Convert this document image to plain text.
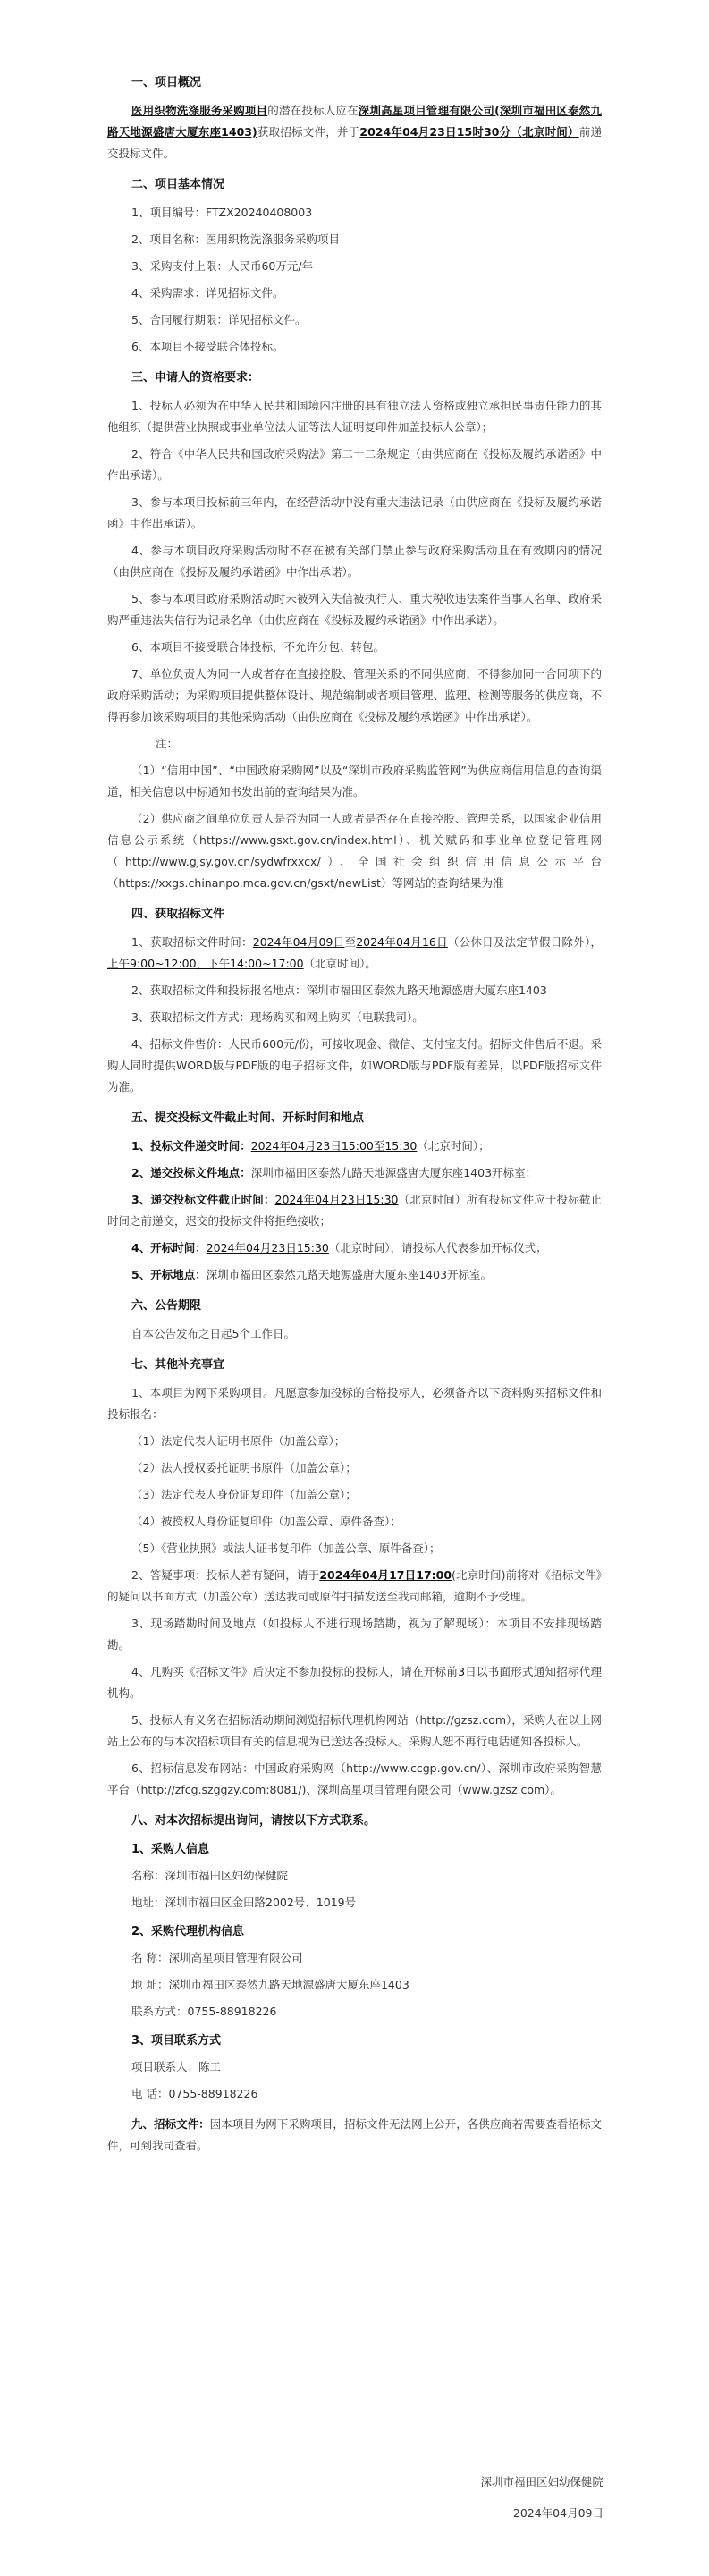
一、项目概况

医用织物洗涤服务采购项目的潜在投标人应在深圳高星项目管理有限公司(深圳市福田区泰然九路天地源盛唐大厦东座1403)获取招标文件，并于2024年04月23日15时30分（北京时间）前递交投标文件。

二、项目基本情况

1、项目编号：FTZX20240408003

2、项目名称：医用织物洗涤服务采购项目

3、采购支付上限：人民币60万元/年

4、采购需求：详见招标文件。

5、合同履行期限：详见招标文件。

6、本项目不接受联合体投标。

三、申请人的资格要求：

1、投标人必须为在中华人民共和国境内注册的具有独立法人资格或独立承担民事责任能力的其他组织（提供营业执照或事业单位法人证等法人证明复印件加盖投标人公章）；

2、符合《中华人民共和国政府采购法》第二十二条规定（由供应商在《投标及履约承诺函》中作出承诺）。

3、参与本项目投标前三年内，在经营活动中没有重大违法记录（由供应商在《投标及履约承诺函》中作出承诺）。

4、参与本项目政府采购活动时不存在被有关部门禁止参与政府采购活动且在有效期内的情况（由供应商在《投标及履约承诺函》中作出承诺）。

5、参与本项目政府采购活动时未被列入失信被执行人、重大税收违法案件当事人名单、政府采购严重违法失信行为记录名单（由供应商在《投标及履约承诺函》中作出承诺）。

6、本项目不接受联合体投标，不允许分包、转包。

7、单位负责人为同一人或者存在直接控股、管理关系的不同供应商，不得参加同一合同项下的政府采购活动；为采购项目提供整体设计、规范编制或者项目管理、监理、检测等服务的供应商，不得再参加该采购项目的其他采购活动（由供应商在《投标及履约承诺函》中作出承诺）。

注：

（1）“信用中国”、“中国政府采购网”以及“深圳市政府采购监管网”为供应商信用信息的查询渠道，相关信息以中标通知书发出前的查询结果为准。

（2）供应商之间单位负责人是否为同一人或者是否存在直接控股、管理关系，以国家企业信用信息公示系统（https://www.gsxt.gov.cn/index.html）、机关赋码和事业单位登记管理网（http://www.gjsy.gov.cn/sydwfrxxcx/）、全国社会组织信用信息公示平台（https://xxgs.chinanpo.mca.gov.cn/gsxt/newList）等网站的查询结果为准

四、获取招标文件

1、获取招标文件时间：2024年04月09日至2024年04月16日（公休日及法定节假日除外），上午9:00~12:00，下午14:00~17:00（北京时间）。

2、获取招标文件和投标报名地点：深圳市福田区泰然九路天地源盛唐大厦东座1403

3、获取招标文件方式：现场购买和网上购买（电联我司）。

4、招标文件售价：人民币600元/份，可接收现金、微信、支付宝支付。招标文件售后不退。采购人同时提供WORD版与PDF版的电子招标文件，如WORD版与PDF版有差异，以PDF版招标文件为准。

五、提交投标文件截止时间、开标时间和地点

1、投标文件递交时间：2024年04月23日15:00至15:30（北京时间）；

2、递交投标文件地点：深圳市福田区泰然九路天地源盛唐大厦东座1403开标室；

3、递交投标文件截止时间：2024年04月23日15:30（北京时间）所有投标文件应于投标截止时间之前递交，迟交的投标文件将拒绝接收；

4、开标时间：2024年04月23日15:30（北京时间），请投标人代表参加开标仪式；

5、开标地点：深圳市福田区泰然九路天地源盛唐大厦东座1403开标室。

六、公告期限

自本公告发布之日起5个工作日。

七、其他补充事宜

1、本项目为网下采购项目。凡愿意参加投标的合格投标人，必须备齐以下资料购买招标文件和投标报名：

（1）法定代表人证明书原件（加盖公章）；

（2）法人授权委托证明书原件（加盖公章）；

（3）法定代表人身份证复印件（加盖公章）；

（4）被授权人身份证复印件（加盖公章、原件备查）；

（5）《营业执照》或法人证书复印件（加盖公章、原件备查）；

2、答疑事项：投标人若有疑问，请于2024年04月17日17:00(北京时间)前将对《招标文件》的疑问以书面方式（加盖公章）送达我司或原件扫描发送至我司邮箱，逾期不予受理。

3、现场踏勘时间及地点（如投标人不进行现场踏勘，视为了解现场）：本项目不安排现场踏勘。

4、凡购买《招标文件》后决定不参加投标的投标人，请在开标前3日以书面形式通知招标代理机构。

5、投标人有义务在招标活动期间浏览招标代理机构网站（http://gzsz.com），采购人在以上网站上公布的与本次招标项目有关的信息视为已送达各投标人。采购人恕不再行电话通知各投标人。

6、招标信息发布网站：中国政府采购网（http://www.ccgp.gov.cn/）、深圳市政府采购智慧平台（http://zfcg.szggzy.com:8081/)、深圳高星项目管理有限公司（www.gzsz.com）。

八、对本次招标提出询问，请按以下方式联系。
1、采购人信息

名称：深圳市福田区妇幼保健院

地址：深圳市福田区金田路2002号、1019号

2、采购代理机构信息

名 称：深圳高星项目管理有限公司

地 址：深圳市福田区泰然九路天地源盛唐大厦东座1403

联系方式：0755-88918226

3、项目联系方式

项目联系人：陈工

电 话：0755-88918226

九、招标文件：因本项目为网下采购项目，招标文件无法网上公开，各供应商若需要查看招标文件，可到我司查看。

深圳市福田区妇幼保健院
2024年04月09日
